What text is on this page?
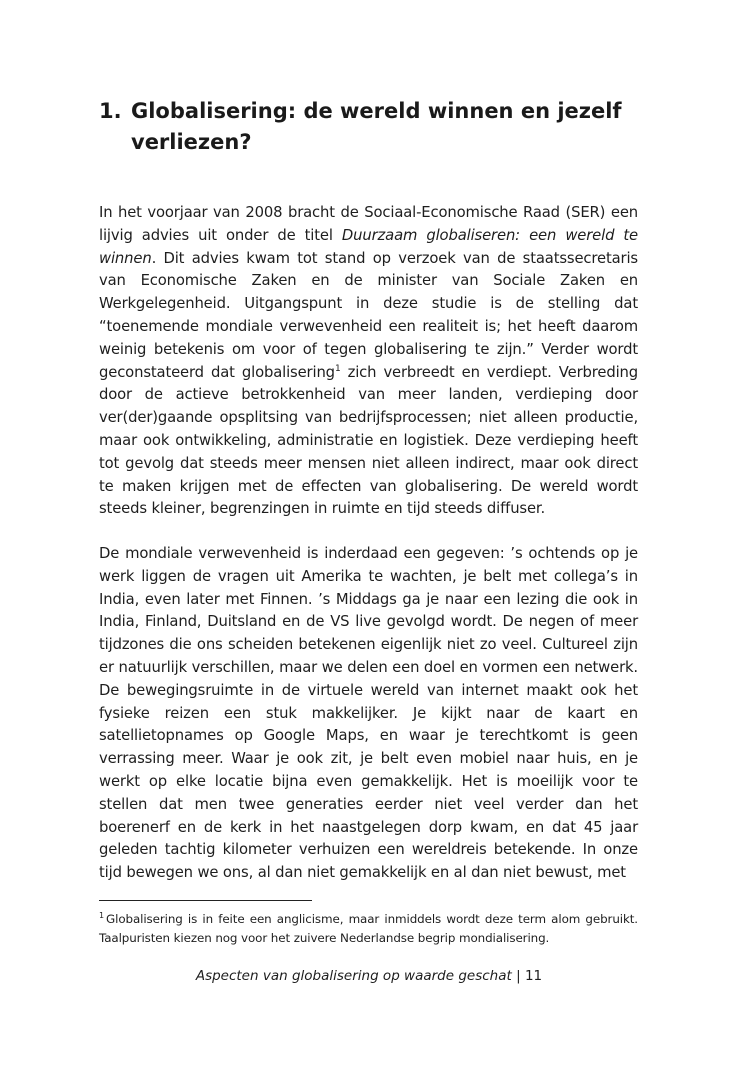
1. Globalisering: de wereld winnen en jezelf verliezen?
In het voorjaar van 2008 bracht de Sociaal-Economische Raad (SER) een lijvig advies uit onder de titel Duurzaam globaliseren: een wereld te winnen. Dit advies kwam tot stand op verzoek van de staatssecretaris van Economische Zaken en de minister van Sociale Zaken en Werkgelegenheid. Uitgangspunt in deze studie is de stelling dat “toenemende mondiale verwevenheid een realiteit is; het heeft daarom weinig betekenis om voor of tegen globalisering te zijn.” Verder wordt geconstateerd dat globalisering$^1$ zich verbreedt en verdiept. Verbreding door de actieve betrokkenheid van meer landen, verdieping door ver(der)gaande opsplitsing van bedrijfsprocessen; niet alleen productie, maar ook ontwikkeling, administratie en logistiek. Deze verdieping heeft tot gevolg dat steeds meer mensen niet alleen indirect, maar ook direct te maken krijgen met de effecten van globalisering. De wereld wordt steeds kleiner, begrenzingen in ruimte en tijd steeds diffuser.
De mondiale verwevenheid is inderdaad een gegeven: ’s ochtends op je werk liggen de vragen uit Amerika te wachten, je belt met collega’s in India, even later met Finnen. ’s Middags ga je naar een lezing die ook in India, Finland, Duitsland en de VS live gevolgd wordt. De negen of meer tijdzones die ons scheiden betekenen eigenlijk niet zo veel. Cultureel zijn er natuurlijk verschillen, maar we delen een doel en vormen een netwerk. De bewegingsruimte in de virtuele wereld van internet maakt ook het fysieke reizen een stuk makkelijker. Je kijkt naar de kaart en satellietopnames op Google Maps, en waar je terechtkomt is geen verrassing meer. Waar je ook zit, je belt even mobiel naar huis, en je werkt op elke locatie bijna even gemakkelijk. Het is moeilijk voor te stellen dat men twee generaties eerder niet veel verder dan het boerenerf en de kerk in het naastgelegen dorp kwam, en dat 45 jaar geleden tachtig kilometer verhuizen een wereldreis betekende. In onze tijd bewegen we ons, al dan niet gemakkelijk en al dan niet bewust, met
$^1$ Globalisering is in feite een anglicisme, maar inmiddels wordt deze term alom gebruikt. Taalpuristen kiezen nog voor het zuivere Nederlandse begrip mondialisering.
Aspecten van globalisering op waarde geschat | 11
